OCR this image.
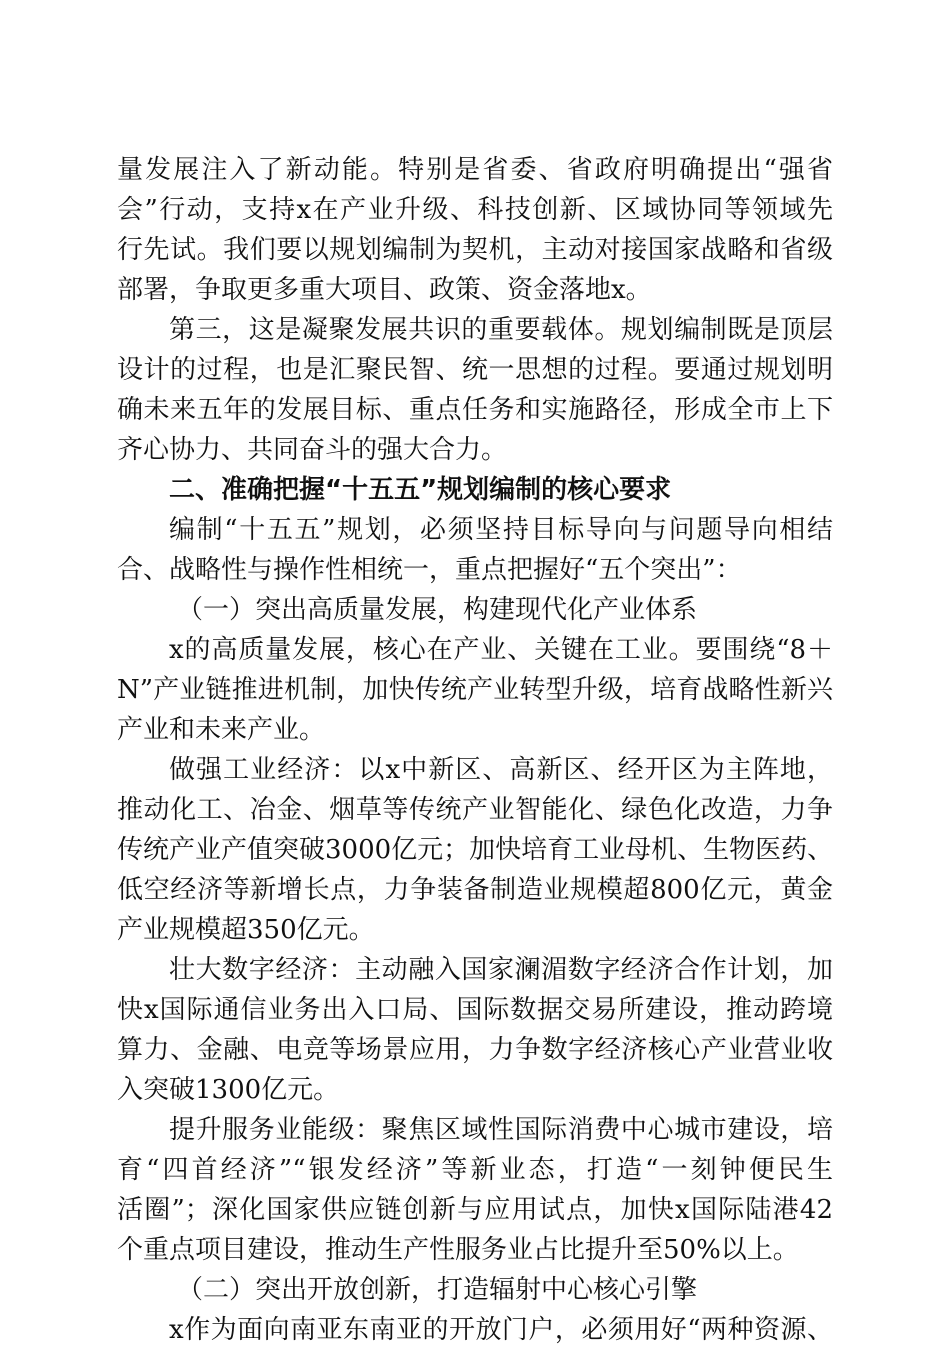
量发展注入了新动能。特别是省委、省政府明确提出“强省
会”行动，支持x在产业升级、科技创新、区域协同等领域先
行先试。我们要以规划编制为契机，主动对接国家战略和省级
部署，争取更多重大项目、政策、资金落地x。
第三，这是凝聚发展共识的重要载体。规划编制既是顶层
设计的过程，也是汇聚民智、统一思想的过程。要通过规划明
确未来五年的发展目标、重点任务和实施路径，形成全市上下
齐心协力、共同奋斗的强大合力。
二、准确把握“十五五”规划编制的核心要求
编制“十五五”规划，必须坚持目标导向与问题导向相结
合、战略性与操作性相统一，重点把握好“五个突出”：
（一）突出高质量发展，构建现代化产业体系
x的高质量发展，核心在产业、关键在工业。要围绕“8＋
N”产业链推进机制，加快传统产业转型升级，培育战略性新兴
产业和未来产业。
做强工业经济：以x中新区、高新区、经开区为主阵地，
推动化工、冶金、烟草等传统产业智能化、绿色化改造，力争
传统产业产值突破3000亿元；加快培育工业母机、生物医药、
低空经济等新增长点，力争装备制造业规模超800亿元，黄金
产业规模超350亿元。
壮大数字经济：主动融入国家澜湄数字经济合作计划，加
快x国际通信业务出入口局、国际数据交易所建设，推动跨境
算力、金融、电竞等场景应用，力争数字经济核心产业营业收
入突破1300亿元。
提升服务业能级：聚焦区域性国际消费中心城市建设，培
育“四首经济”“银发经济”等新业态，打造“一刻钟便民生
活圈”；深化国家供应链创新与应用试点，加快x国际陆港42
个重点项目建设，推动生产性服务业占比提升至50%以上。
（二）突出开放创新，打造辐射中心核心引擎
x作为面向南亚东南亚的开放门户，必须用好“两种资源、
